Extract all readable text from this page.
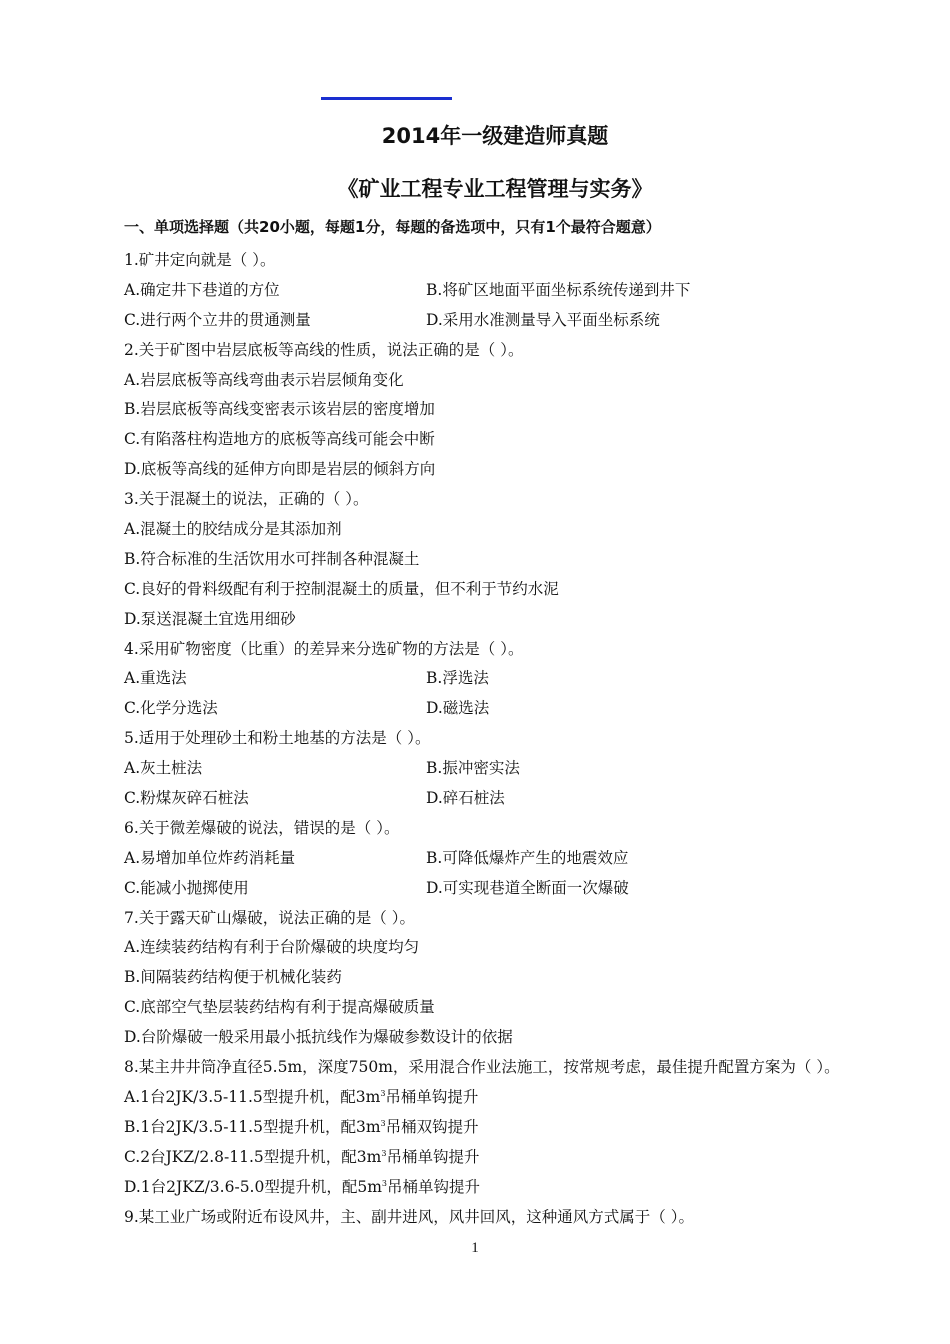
2014年一级建造师真题
《矿业工程专业工程管理与实务》
一、单项选择题（共20小题，每题1分，每题的备选项中，只有1个最符合题意）
1.矿井定向就是（ ）。
A.确定井下巷道的方位	B.将矿区地面平面坐标系统传递到井下
C.进行两个立井的贯通测量	D.采用水准测量导入平面坐标系统
2.关于矿图中岩层底板等高线的性质，说法正确的是（ ）。
A.岩层底板等高线弯曲表示岩层倾角变化
B.岩层底板等高线变密表示该岩层的密度增加
C.有陷落柱构造地方的底板等高线可能会中断
D.底板等高线的延伸方向即是岩层的倾斜方向
3.关于混凝土的说法，正确的（ ）。
A.混凝土的胶结成分是其添加剂
B.符合标准的生活饮用水可拌制各种混凝土
C.良好的骨料级配有利于控制混凝土的质量，但不利于节约水泥
D.泵送混凝土宜选用细砂
4.采用矿物密度（比重）的差异来分选矿物的方法是（ ）。
A.重选法	B.浮选法
C.化学分选法	D.磁选法
5.适用于处理砂土和粉土地基的方法是（ ）。
A.灰土桩法	B.振冲密实法
C.粉煤灰碎石桩法	D.碎石桩法
6.关于微差爆破的说法，错误的是（ ）。
A.易增加单位炸药消耗量	B.可降低爆炸产生的地震效应
C.能减小抛掷使用	D.可实现巷道全断面一次爆破
7.关于露天矿山爆破，说法正确的是（ ）。
A.连续装药结构有利于台阶爆破的块度均匀
B.间隔装药结构便于机械化装药
C.底部空气垫层装药结构有利于提高爆破质量
D.台阶爆破一般采用最小抵抗线作为爆破参数设计的依据
8.某主井井筒净直径5.5m，深度750m，采用混合作业法施工，按常规考虑，最佳提升配置方案为（ ）。
A.1台2JK/3.5-11.5型提升机，配$3m^3$吊桶单钩提升
B.1台2JK/3.5-11.5型提升机，配$3m^3$吊桶双钩提升
C.2台JKZ/2.8-11.5型提升机，配$3m^3$吊桶单钩提升
D.1台2JKZ/3.6-5.0型提升机，配$5m^3$吊桶单钩提升
9.某工业广场或附近布设风井，主、副井进风，风井回风，这种通风方式属于（ ）。
1
